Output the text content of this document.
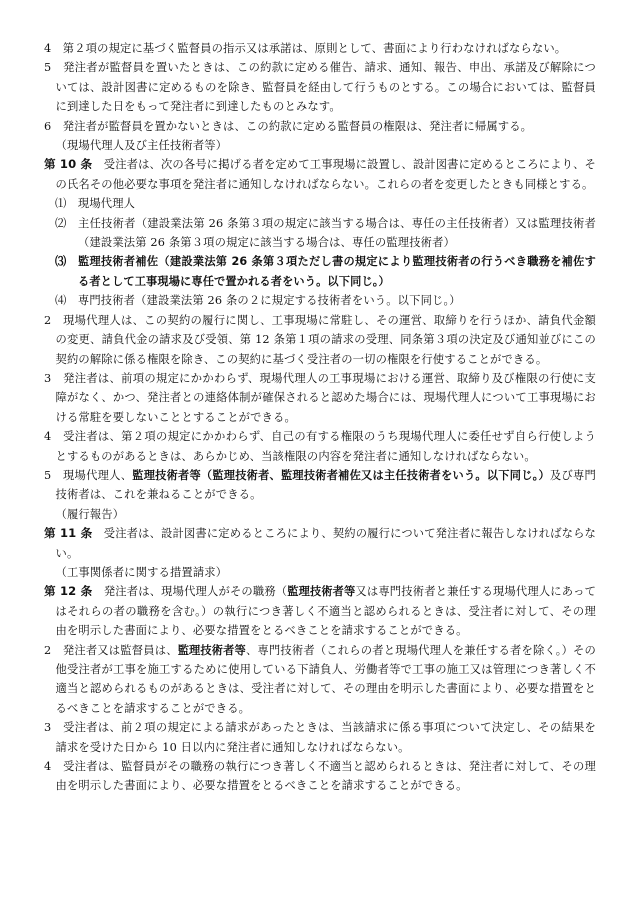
4　第２項の規定に基づく監督員の指示又は承諾は、原則として、書面により行わなければならない。

5　発注者が監督員を置いたときは、この約款に定める催告、請求、通知、報告、申出、承諾及び解除については、設計図書に定めるものを除き、監督員を経由して行うものとする。この場合においては、監督員に到達した日をもって発注者に到達したものとみなす。

6　発注者が監督員を置かないときは、この約款に定める監督員の権限は、発注者に帰属する。

（現場代理人及び主任技術者等）

第 10 条　受注者は、次の各号に掲げる者を定めて工事現場に設置し、設計図書に定めるところにより、その氏名その他必要な事項を発注者に通知しなければならない。これらの者を変更したときも同様とする。

⑴　現場代理人

⑵　主任技術者（建設業法第 26 条第３項の規定に該当する場合は、専任の主任技術者）又は監理技術者（建設業法第 26 条第３項の規定に該当する場合は、専任の監理技術者）

⑶　監理技術者補佐（建設業法第 26 条第３項ただし書の規定により監理技術者の行うべき職務を補佐する者として工事現場に専任で置かれる者をいう。以下同じ。）

⑷　専門技術者（建設業法第 26 条の２に規定する技術者をいう。以下同じ。）

2　現場代理人は、この契約の履行に関し、工事現場に常駐し、その運営、取締りを行うほか、請負代金額の変更、請負代金の請求及び受領、第 12 条第１項の請求の受理、同条第３項の決定及び通知並びにこの契約の解除に係る権限を除き、この契約に基づく受注者の一切の権限を行使することができる。

3　発注者は、前項の規定にかかわらず、現場代理人の工事現場における運営、取締り及び権限の行使に支障がなく、かつ、発注者との連絡体制が確保されると認めた場合には、現場代理人について工事現場における常駐を要しないこととすることができる。

4　受注者は、第２項の規定にかかわらず、自己の有する権限のうち現場代理人に委任せず自ら行使しようとするものがあるときは、あらかじめ、当該権限の内容を発注者に通知しなければならない。

5　現場代理人、監理技術者等（監理技術者、監理技術者補佐又は主任技術者をいう。以下同じ。）及び専門技術者は、これを兼ねることができる。

（履行報告）

第 11 条　受注者は、設計図書に定めるところにより、契約の履行について発注者に報告しなければならない。

（工事関係者に関する措置請求）

第 12 条　発注者は、現場代理人がその職務（監理技術者等又は専門技術者と兼任する現場代理人にあってはそれらの者の職務を含む。）の執行につき著しく不適当と認められるときは、受注者に対して、その理由を明示した書面により、必要な措置をとるべきことを請求することができる。

2　発注者又は監督員は、監理技術者等、専門技術者（これらの者と現場代理人を兼任する者を除く。）その他受注者が工事を施工するために使用している下請負人、労働者等で工事の施工又は管理につき著しく不適当と認められるものがあるときは、受注者に対して、その理由を明示した書面により、必要な措置をとるべきことを請求することができる。

3　受注者は、前２項の規定による請求があったときは、当該請求に係る事項について決定し、その結果を請求を受けた日から 10 日以内に発注者に通知しなければならない。

4　受注者は、監督員がその職務の執行につき著しく不適当と認められるときは、発注者に対して、その理由を明示した書面により、必要な措置をとるべきことを請求することができる。
